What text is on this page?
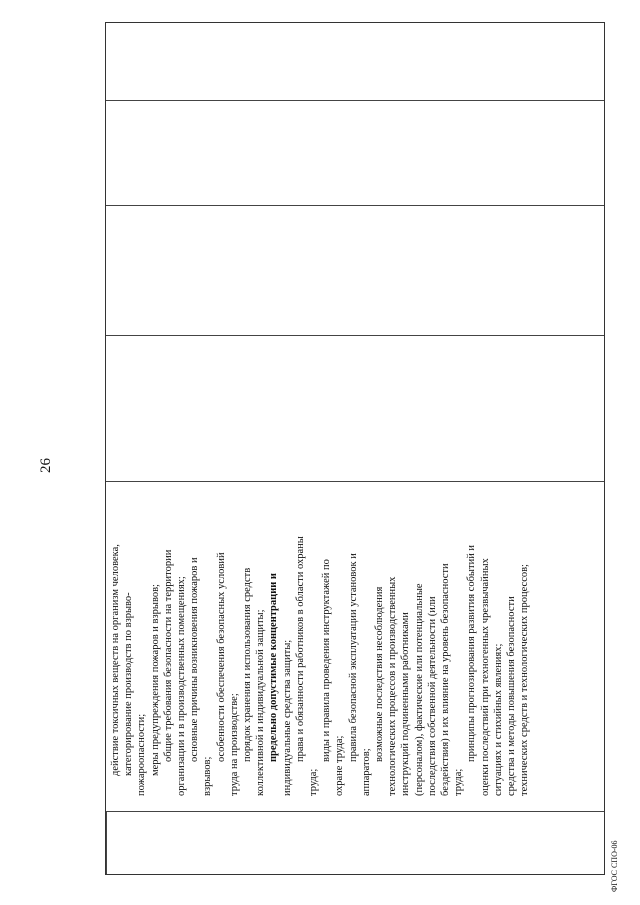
26
действие токсичных веществ на организм человека, категорирование производств по взрыво- пожароопасности; меры предупреждения пожаров и взрывов; общие требования безопасности на территории организации и в производственных помещениях; основные причины возникновения пожаров и
взрывов;
особенности обеспечения безопасных условий труда на производстве; порядок хранения и использования средств коллективной и индивидуальной защиты; предельно допустимые концентрации и индивидуальные средства защиты; права и обязанности работников в области охраны
труда;
виды и правила проведения инструктажей по
охране труда;
правила безопасной эксплуатации установок и
аппаратов;
возможные последствия несоблюдения технологических процессов и производственных инструкций подчиненными работниками (персоналом), фактические или потенциальные последствия собственной деятельности (или бездействия) и их влияние на уровень безопасности труда;
принципы прогнозирования развития событий и оценки последствий при техногенных чрезвычайных ситуациях и стихийных явлениях; средства и методы повышения безопасности технических средств и технологических процессов;
ФГОС СПО-06
